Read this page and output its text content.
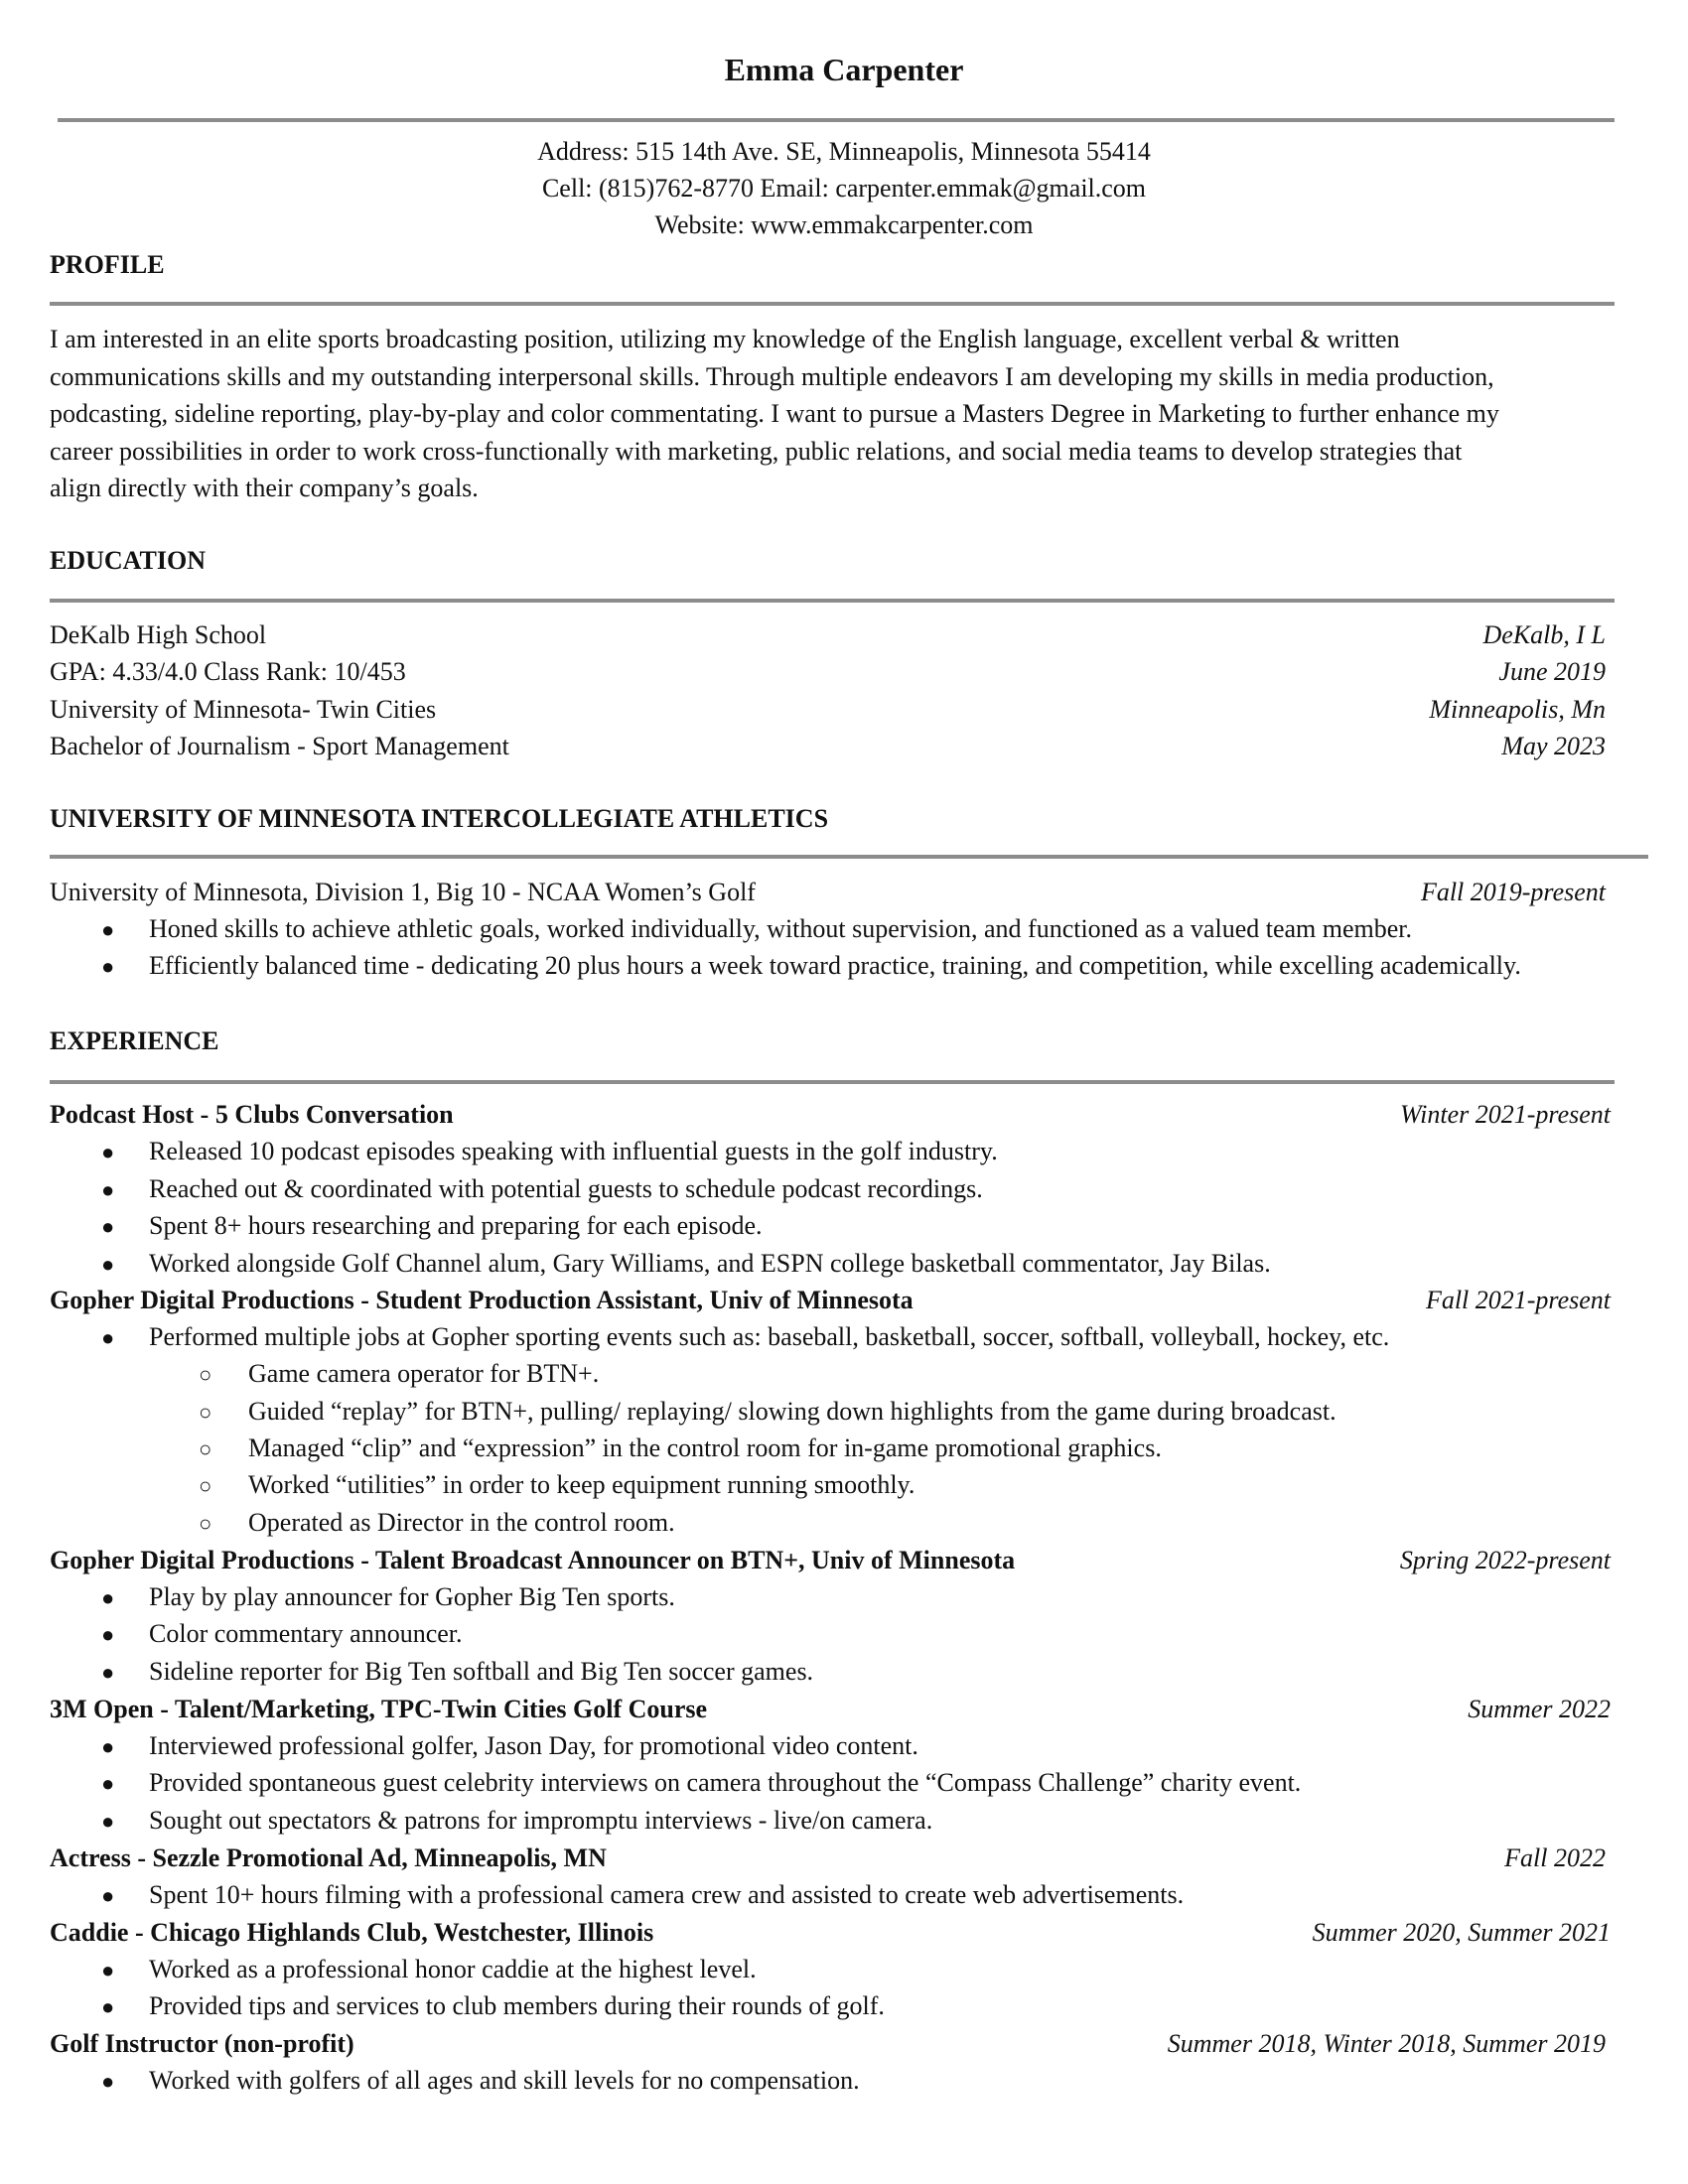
Emma Carpenter
Address: 515 14th Ave. SE, Minneapolis, Minnesota 55414
Cell: (815)762-8770 Email: carpenter.emmak@gmail.com
Website: www.emmakcarpenter.com
PROFILE
I am interested in an elite sports broadcasting position, utilizing my knowledge of the English language, excellent verbal & written
communications skills and my outstanding interpersonal skills. Through multiple endeavors I am developing my skills in media production,
podcasting, sideline reporting, play-by-play and color commentating. I want to pursue a Masters Degree in Marketing to further enhance my
career possibilities in order to work cross-functionally with marketing, public relations, and social media teams to develop strategies that
align directly with their company’s goals.
EDUCATION
DeKalb High School	DeKalb, I L
GPA: 4.33/4.0 Class Rank: 10/453	June 2019
University of Minnesota- Twin Cities	Minneapolis, Mn
Bachelor of Journalism - Sport Management	May 2023
UNIVERSITY OF MINNESOTA INTERCOLLEGIATE ATHLETICS
University of Minnesota, Division 1, Big 10 - NCAA Women’s Golf	Fall 2019-present
● Honed skills to achieve athletic goals, worked individually, without supervision, and functioned as a valued team member.
● Efficiently balanced time - dedicating 20 plus hours a week toward practice, training, and competition, while excelling academically.
EXPERIENCE
Podcast Host - 5 Clubs Conversation	Winter 2021-present
● Released 10 podcast episodes speaking with influential guests in the golf industry.
● Reached out & coordinated with potential guests to schedule podcast recordings.
● Spent 8+ hours researching and preparing for each episode.
● Worked alongside Golf Channel alum, Gary Williams, and ESPN college basketball commentator, Jay Bilas.
Gopher Digital Productions - Student Production Assistant, Univ of Minnesota	Fall 2021-present
● Performed multiple jobs at Gopher sporting events such as: baseball, basketball, soccer, softball, volleyball, hockey, etc.
○ Game camera operator for BTN+.
○ Guided “replay” for BTN+, pulling/ replaying/ slowing down highlights from the game during broadcast.
○ Managed “clip” and “expression” in the control room for in-game promotional graphics.
○ Worked “utilities” in order to keep equipment running smoothly.
○ Operated as Director in the control room.
Gopher Digital Productions - Talent Broadcast Announcer on BTN+, Univ of Minnesota	Spring 2022-present
● Play by play announcer for Gopher Big Ten sports.
● Color commentary announcer.
● Sideline reporter for Big Ten softball and Big Ten soccer games.
3M Open - Talent/Marketing, TPC-Twin Cities Golf Course	Summer 2022
● Interviewed professional golfer, Jason Day, for promotional video content.
● Provided spontaneous guest celebrity interviews on camera throughout the “Compass Challenge” charity event.
● Sought out spectators & patrons for impromptu interviews - live/on camera.
Actress - Sezzle Promotional Ad, Minneapolis, MN	Fall 2022
● Spent 10+ hours filming with a professional camera crew and assisted to create web advertisements.
Caddie - Chicago Highlands Club, Westchester, Illinois	Summer 2020, Summer 2021
● Worked as a professional honor caddie at the highest level.
● Provided tips and services to club members during their rounds of golf.
Golf Instructor (non-profit)	Summer 2018, Winter 2018, Summer 2019
● Worked with golfers of all ages and skill levels for no compensation.
